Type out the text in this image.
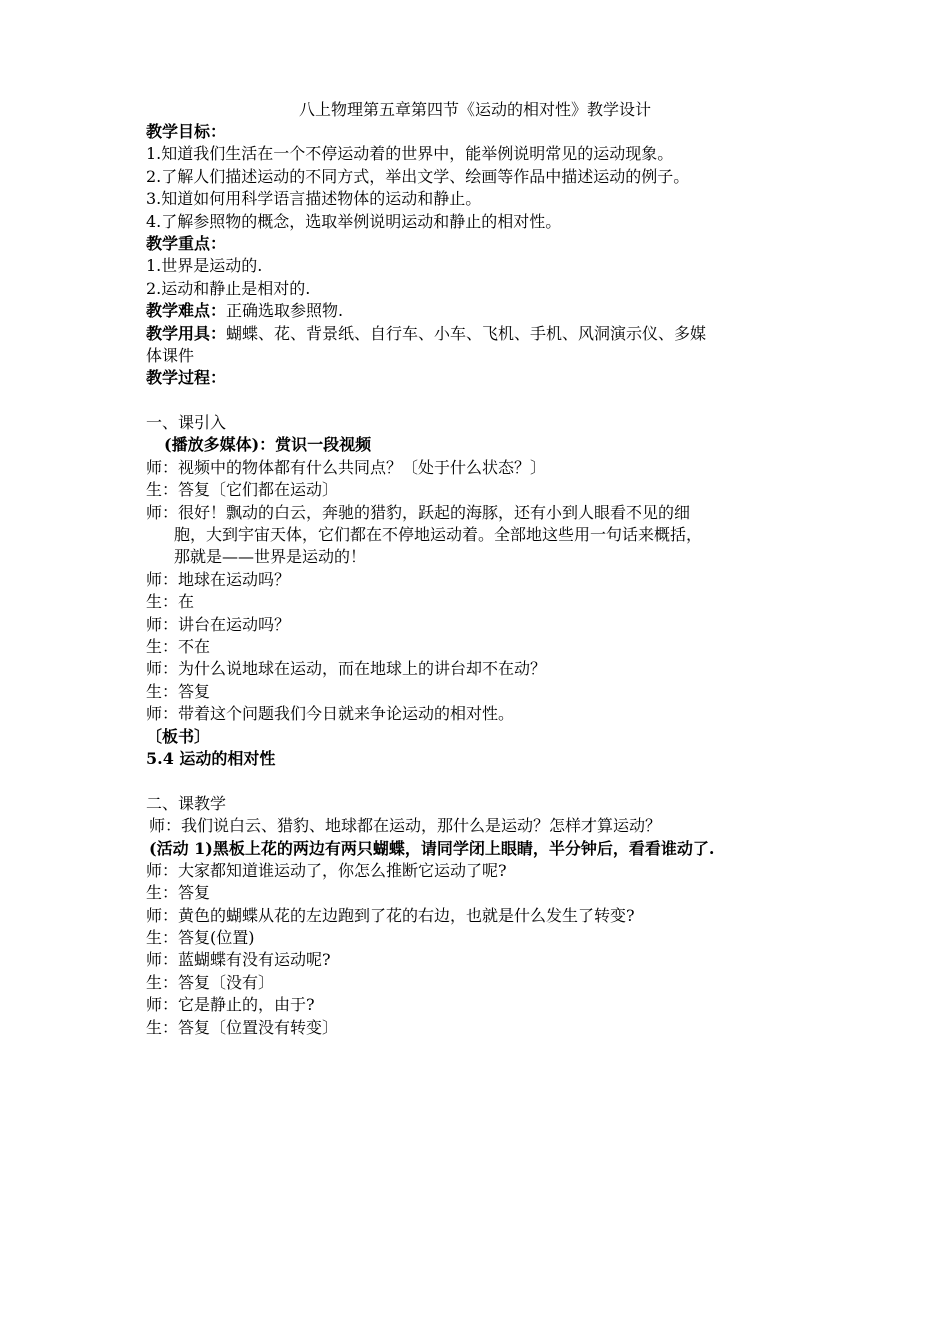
八上物理第五章第四节《运动的相对性》教学设计
教学目标：
1.知道我们生活在一个不停运动着的世界中，能举例说明常见的运动现象。
2.了解人们描述运动的不同方式，举出文学、绘画等作品中描述运动的例子。
3.知道如何用科学语言描述物体的运动和静止。
4.了解参照物的概念，选取举例说明运动和静止的相对性。
教学重点：
1.世界是运动的.
2.运动和静止是相对的.
教学难点：正确选取参照物.
教学用具：蝴蝶、花、背景纸、自行车、小车、飞机、手机、风洞演示仪、多媒
体课件
教学过程：
一、课引入
(播放多媒体)：赏识一段视频
师：视频中的物体都有什么共同点？〔处于什么状态？〕
生：答复〔它们都在运动〕
师：很好！飘动的白云，奔驰的猎豹，跃起的海豚，还有小到人眼看不见的细
胞，大到宇宙天体，它们都在不停地运动着。全部地这些用一句话来概括，
那就是——世界是运动的！
师：地球在运动吗？
生：在
师：讲台在运动吗？
生：不在
师：为什么说地球在运动，而在地球上的讲台却不在动？
生：答复
师：带着这个问题我们今日就来争论运动的相对性。
〔板书〕
5.4 运动的相对性
二、课教学
师：我们说白云、猎豹、地球都在运动，那什么是运动？怎样才算运动？
(活动 1)黑板上花的两边有两只蝴蝶，请同学闭上眼睛，半分钟后，看看谁动了.
师：大家都知道谁运动了，你怎么推断它运动了呢?
生：答复
师：黄色的蝴蝶从花的左边跑到了花的右边，也就是什么发生了转变?
生：答复(位置)
师：蓝蝴蝶有没有运动呢?
生：答复〔没有〕
师：它是静止的，由于?
生：答复〔位置没有转变〕
